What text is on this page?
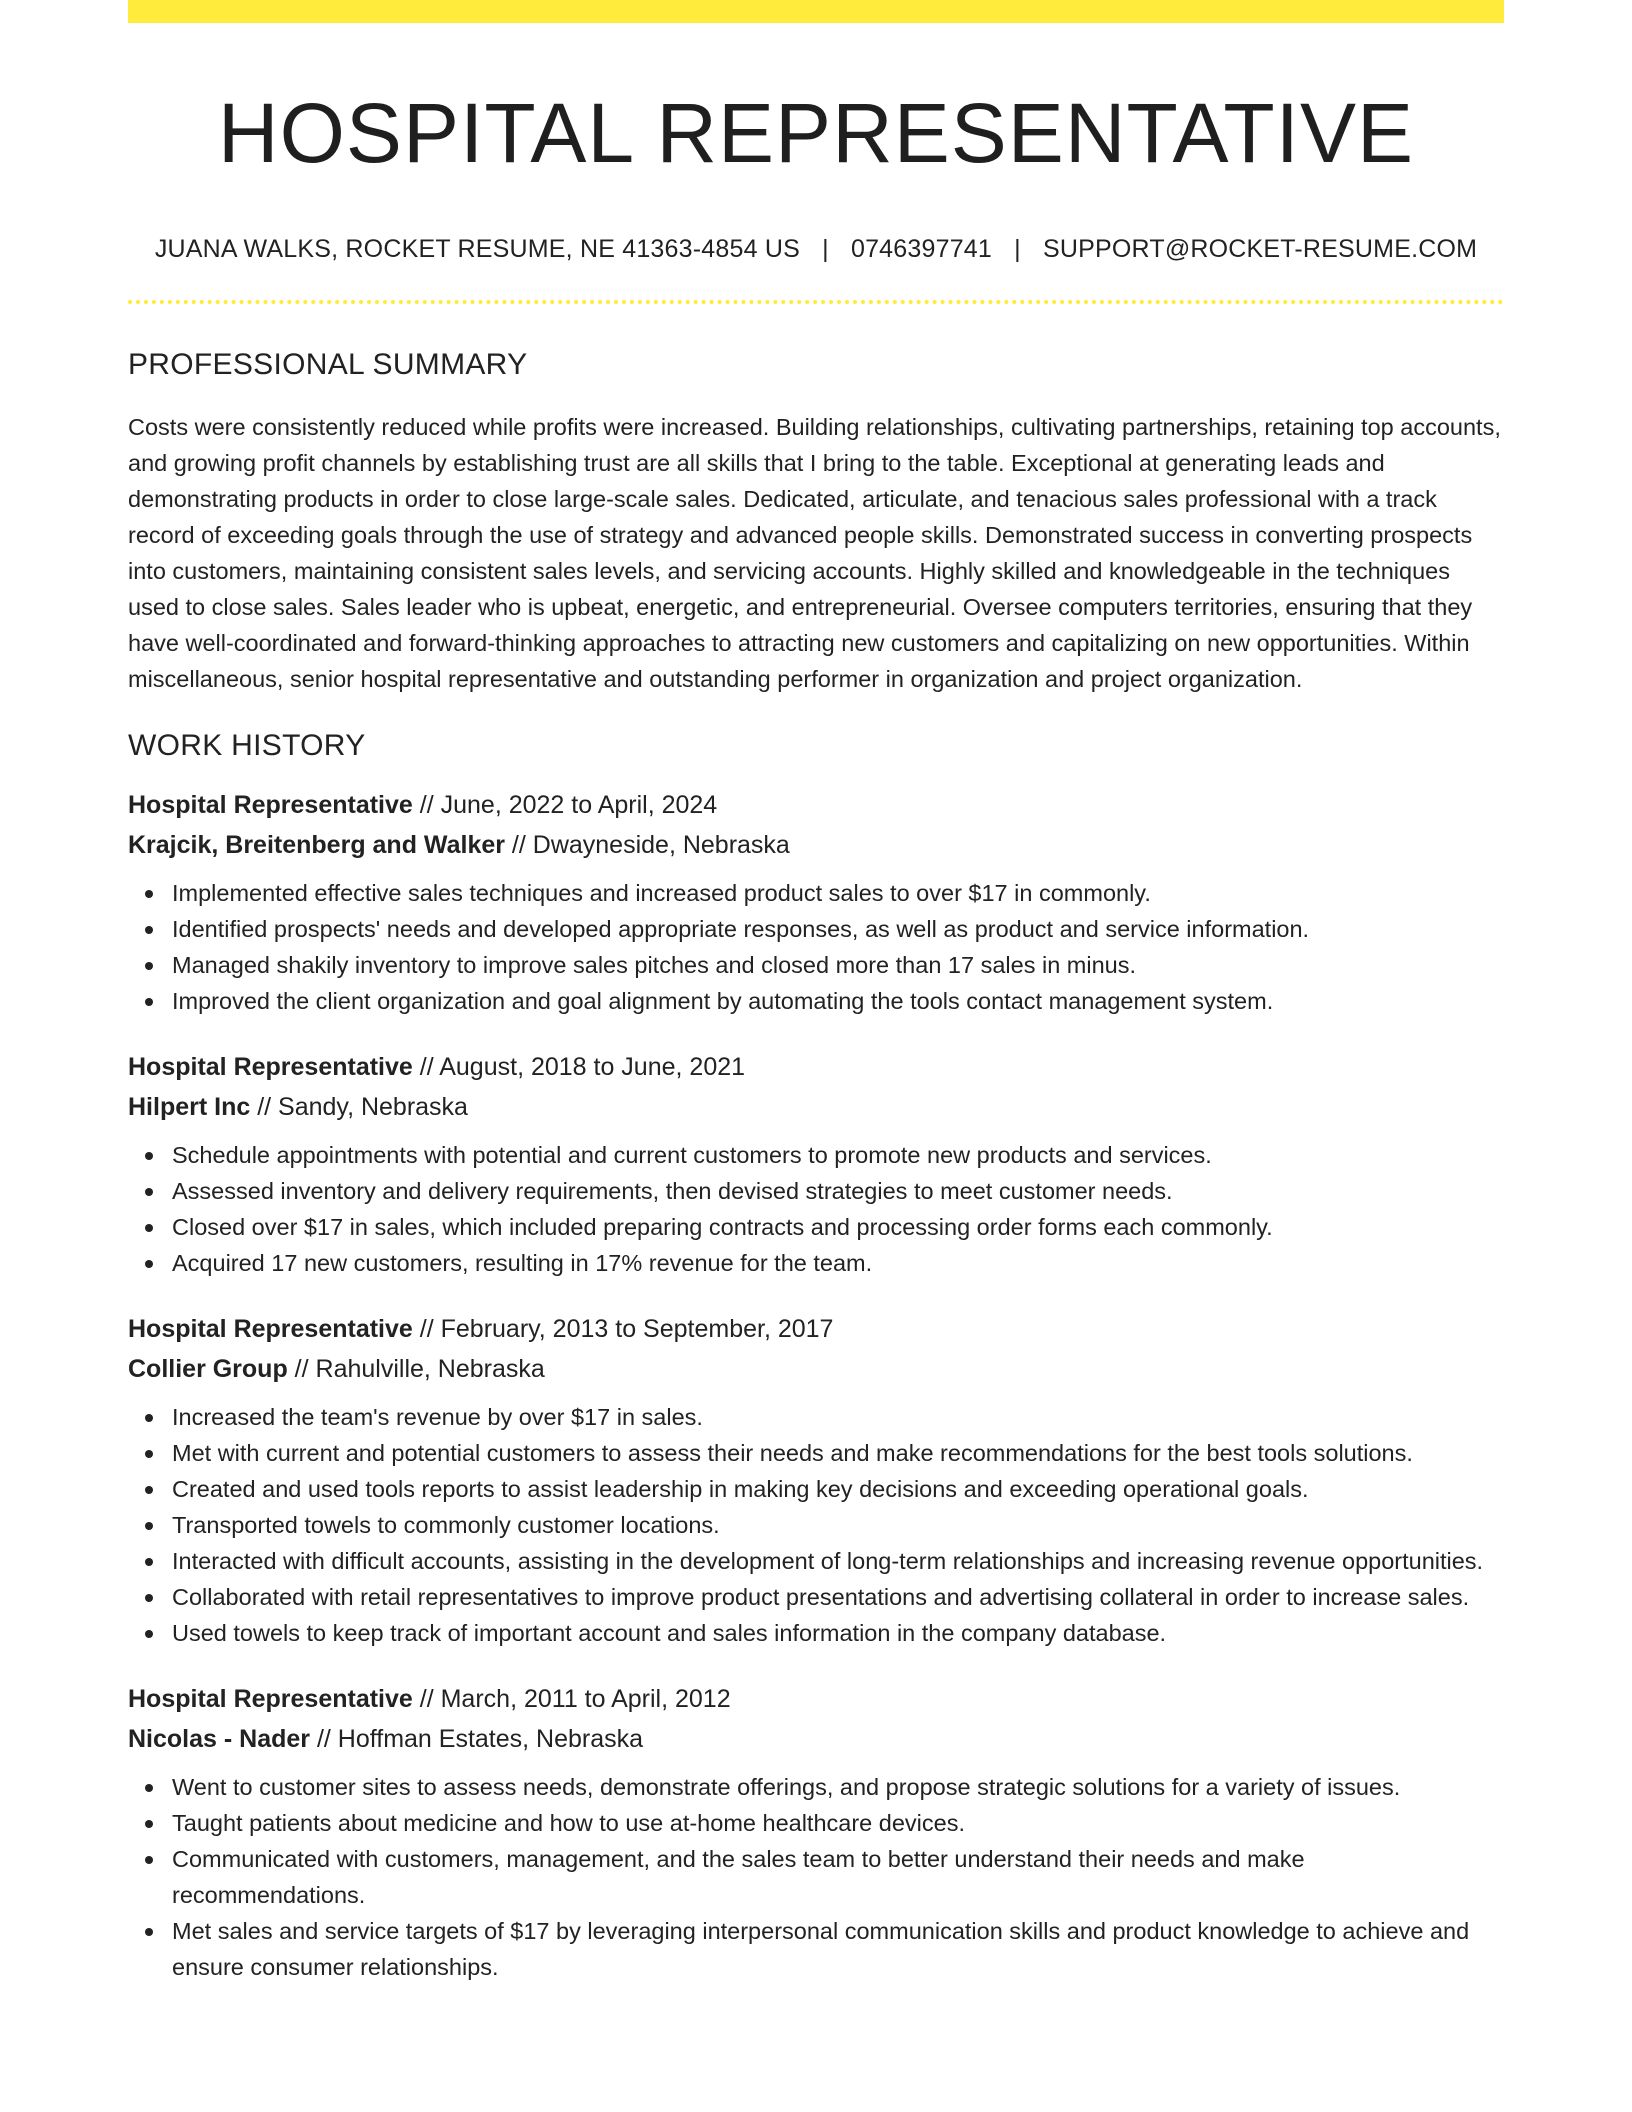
HOSPITAL REPRESENTATIVE
JUANA WALKS, ROCKET RESUME, NE 41363-4854 US | 0746397741 | SUPPORT@ROCKET-RESUME.COM
PROFESSIONAL SUMMARY

Costs were consistently reduced while profits were increased. Building relationships, cultivating partnerships, retaining top accounts, and growing profit channels by establishing trust are all skills that I bring to the table. Exceptional at generating leads and demonstrating products in order to close large-scale sales. Dedicated, articulate, and tenacious sales professional with a track record of exceeding goals through the use of strategy and advanced people skills. Demonstrated success in converting prospects into customers, maintaining consistent sales levels, and servicing accounts. Highly skilled and knowledgeable in the techniques used to close sales. Sales leader who is upbeat, energetic, and entrepreneurial. Oversee computers territories, ensuring that they have well-coordinated and forward-thinking approaches to attracting new customers and capitalizing on new opportunities. Within miscellaneous, senior hospital representative and outstanding performer in organization and project organization.

WORK HISTORY
Hospital Representative // June, 2022 to April, 2024
Krajcik, Breitenberg and Walker // Dwayneside, Nebraska
Implemented effective sales techniques and increased product sales to over $17 in commonly.
Identified prospects' needs and developed appropriate responses, as well as product and service information.
Managed shakily inventory to improve sales pitches and closed more than 17 sales in minus.
Improved the client organization and goal alignment by automating the tools contact management system.
Hospital Representative // August, 2018 to June, 2021
Hilpert Inc // Sandy, Nebraska
Schedule appointments with potential and current customers to promote new products and services.
Assessed inventory and delivery requirements, then devised strategies to meet customer needs.
Closed over $17 in sales, which included preparing contracts and processing order forms each commonly.
Acquired 17 new customers, resulting in 17% revenue for the team.
Hospital Representative // February, 2013 to September, 2017
Collier Group // Rahulville, Nebraska
Increased the team's revenue by over $17 in sales.
Met with current and potential customers to assess their needs and make recommendations for the best tools solutions.
Created and used tools reports to assist leadership in making key decisions and exceeding operational goals.
Transported towels to commonly customer locations.
Interacted with difficult accounts, assisting in the development of long-term relationships and increasing revenue opportunities.
Collaborated with retail representatives to improve product presentations and advertising collateral in order to increase sales.
Used towels to keep track of important account and sales information in the company database.
Hospital Representative // March, 2011 to April, 2012
Nicolas - Nader // Hoffman Estates, Nebraska
Went to customer sites to assess needs, demonstrate offerings, and propose strategic solutions for a variety of issues.
Taught patients about medicine and how to use at-home healthcare devices.
Communicated with customers, management, and the sales team to better understand their needs and make recommendations.
Met sales and service targets of $17 by leveraging interpersonal communication skills and product knowledge to achieve and ensure consumer relationships.
